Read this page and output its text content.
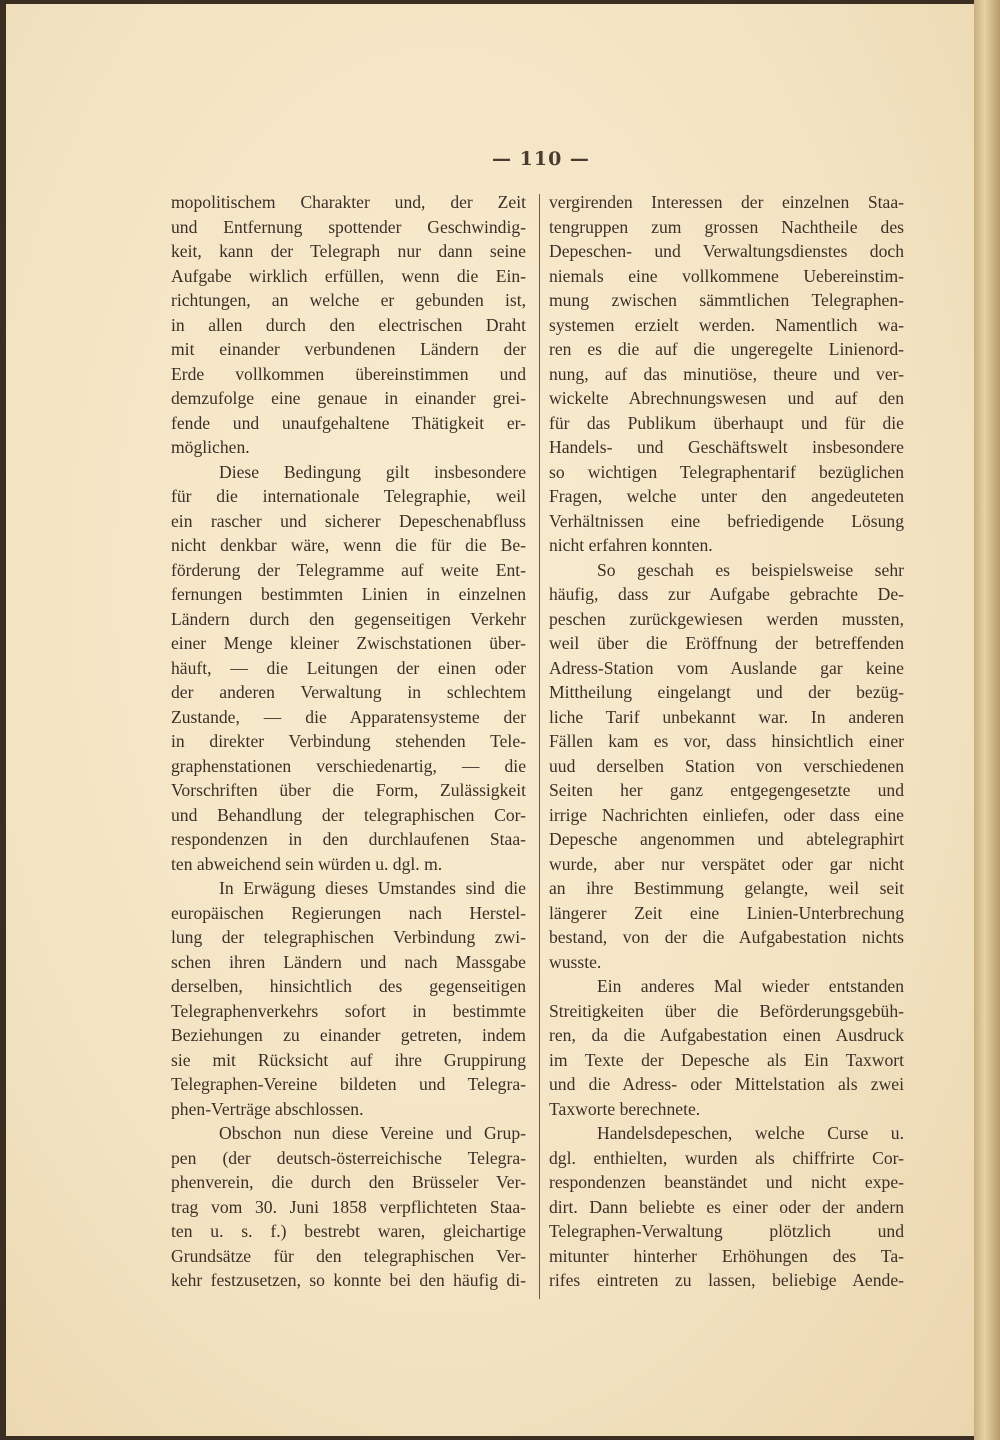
— 110 —
mopolitischem Charakter und, der Zeit
und Entfernung spottender Geschwindig-
keit, kann der Telegraph nur dann seine
Aufgabe wirklich erfüllen, wenn die Ein-
richtungen, an welche er gebunden ist,
in allen durch den electrischen Draht
mit einander verbundenen Ländern der
Erde vollkommen übereinstimmen und
demzufolge eine genaue in einander grei-
fende und unaufgehaltene Thätigkeit er-
möglichen.
Diese Bedingung gilt insbesondere
für die internationale Telegraphie, weil
ein rascher und sicherer Depeschenabfluss
nicht denkbar wäre, wenn die für die Be-
förderung der Telegramme auf weite Ent-
fernungen bestimmten Linien in einzelnen
Ländern durch den gegenseitigen Verkehr
einer Menge kleiner Zwischstationen über-
häuft, — die Leitungen der einen oder
der anderen Verwaltung in schlechtem
Zustande, — die Apparatensysteme der
in direkter Verbindung stehenden Tele-
graphenstationen verschiedenartig, — die
Vorschriften über die Form, Zulässigkeit
und Behandlung der telegraphischen Cor-
respondenzen in den durchlaufenen Staa-
ten abweichend sein würden u. dgl. m.
In Erwägung dieses Umstandes sind die
europäischen Regierungen nach Herstel-
lung der telegraphischen Verbindung zwi-
schen ihren Ländern und nach Massgabe
derselben, hinsichtlich des gegenseitigen
Telegraphenverkehrs sofort in bestimmte
Beziehungen zu einander getreten, indem
sie mit Rücksicht auf ihre Gruppirung
Telegraphen-Vereine bildeten und Telegra-
phen-Verträge abschlossen.
Obschon nun diese Vereine und Grup-
pen (der deutsch-österreichische Telegra-
phenverein, die durch den Brüsseler Ver-
trag vom 30. Juni 1858 verpflichteten Staa-
ten u. s. f.) bestrebt waren, gleichartige
Grundsätze für den telegraphischen Ver-
kehr festzusetzen, so konnte bei den häufig di-
vergirenden Interessen der einzelnen Staa-
tengruppen zum grossen Nachtheile des
Depeschen- und Verwaltungsdienstes doch
niemals eine vollkommene Uebereinstim-
mung zwischen sämmtlichen Telegraphen-
systemen erzielt werden. Namentlich wa-
ren es die auf die ungeregelte Linienord-
nung, auf das minutiöse, theure und ver-
wickelte Abrechnungswesen und auf den
für das Publikum überhaupt und für die
Handels- und Geschäftswelt insbesondere
so wichtigen Telegraphentarif bezüglichen
Fragen, welche unter den angedeuteten
Verhältnissen eine befriedigende Lösung
nicht erfahren konnten.
So geschah es beispielsweise sehr
häufig, dass zur Aufgabe gebrachte De-
peschen zurückgewiesen werden mussten,
weil über die Eröffnung der betreffenden
Adress-Station vom Auslande gar keine
Mittheilung eingelangt und der bezüg-
liche Tarif unbekannt war. In anderen
Fällen kam es vor, dass hinsichtlich einer
uud derselben Station von verschiedenen
Seiten her ganz entgegengesetzte und
irrige Nachrichten einliefen, oder dass eine
Depesche angenommen und abtelegraphirt
wurde, aber nur verspätet oder gar nicht
an ihre Bestimmung gelangte, weil seit
längerer Zeit eine Linien-Unterbrechung
bestand, von der die Aufgabestation nichts
wusste.
Ein anderes Mal wieder entstanden
Streitigkeiten über die Beförderungsgebüh-
ren, da die Aufgabestation einen Ausdruck
im Texte der Depesche als Ein Taxwort
und die Adress- oder Mittelstation als zwei
Taxworte berechnete.
Handelsdepeschen, welche Curse u.
dgl. enthielten, wurden als chiffrirte Cor-
respondenzen beanständet und nicht expe-
dirt. Dann beliebte es einer oder der andern
Telegraphen-Verwaltung plötzlich und
mitunter hinterher Erhöhungen des Ta-
rifes eintreten zu lassen, beliebige Aende-
